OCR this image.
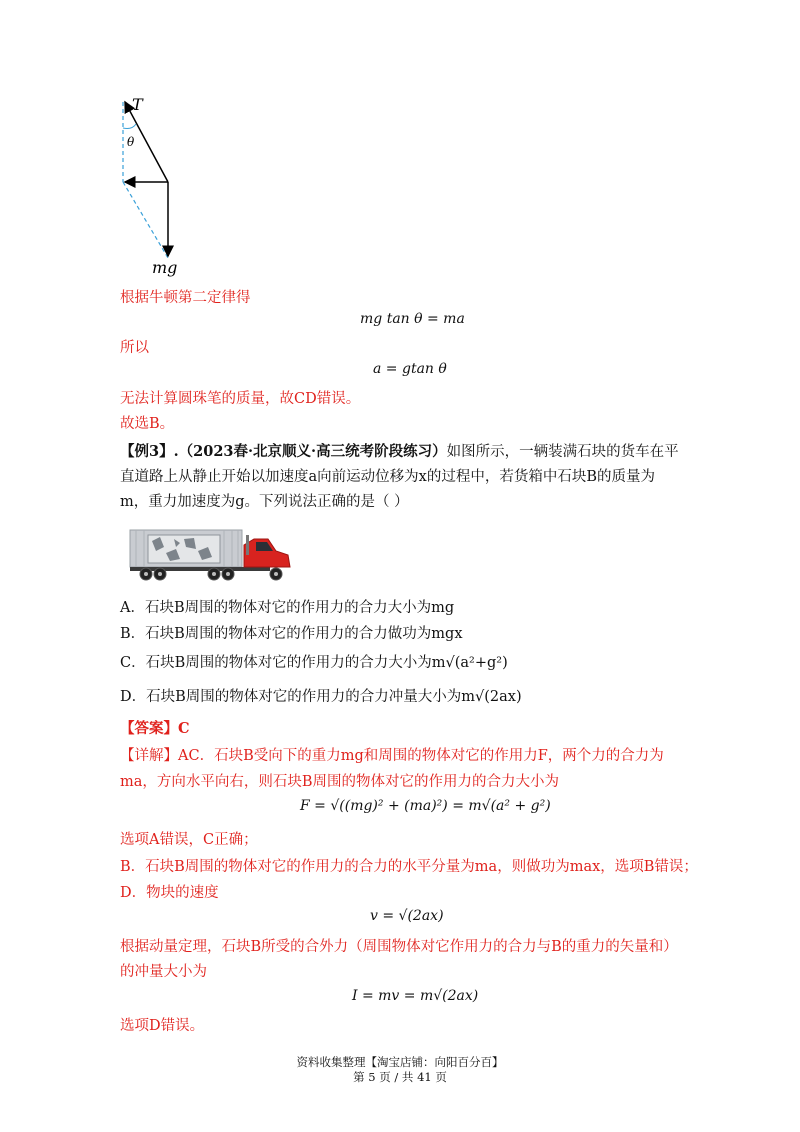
T
θ
mg
根据牛顿第二定律得
mg tan θ = ma
所以
a = gtan θ
无法计算圆珠笔的质量，故CD错误。
故选B。
【例3】.（2023春·北京顺义·高三统考阶段练习）如图所示，一辆装满石块的货车在平
直道路上从静止开始以加速度a向前运动位移为x的过程中，若货箱中石块B的质量为
m，重力加速度为g。下列说法正确的是（ ）
A．石块B周围的物体对它的作用力的合力大小为mg
B．石块B周围的物体对它的作用力的合力做功为mgx
C．石块B周围的物体对它的作用力的合力大小为m√(a²+g²)
D．石块B周围的物体对它的作用力的合力冲量大小为m√(2ax)
【答案】C
【详解】AC．石块B受向下的重力mg和周围的物体对它的作用力F，两个力的合力为
ma，方向水平向右，则石块B周围的物体对它的作用力的合力大小为
F = √((mg)² + (ma)²) = m√(a² + g²)
选项A错误，C正确；
B．石块B周围的物体对它的作用力的合力的水平分量为ma，则做功为max，选项B错误；
D．物块的速度
v = √(2ax)
根据动量定理，石块B所受的合外力（周围物体对它作用力的合力与B的重力的矢量和）
的冲量大小为
I = mv = m√(2ax)
选项D错误。
资料收集整理【淘宝店铺：向阳百分百】
第 5 页 / 共 41 页
